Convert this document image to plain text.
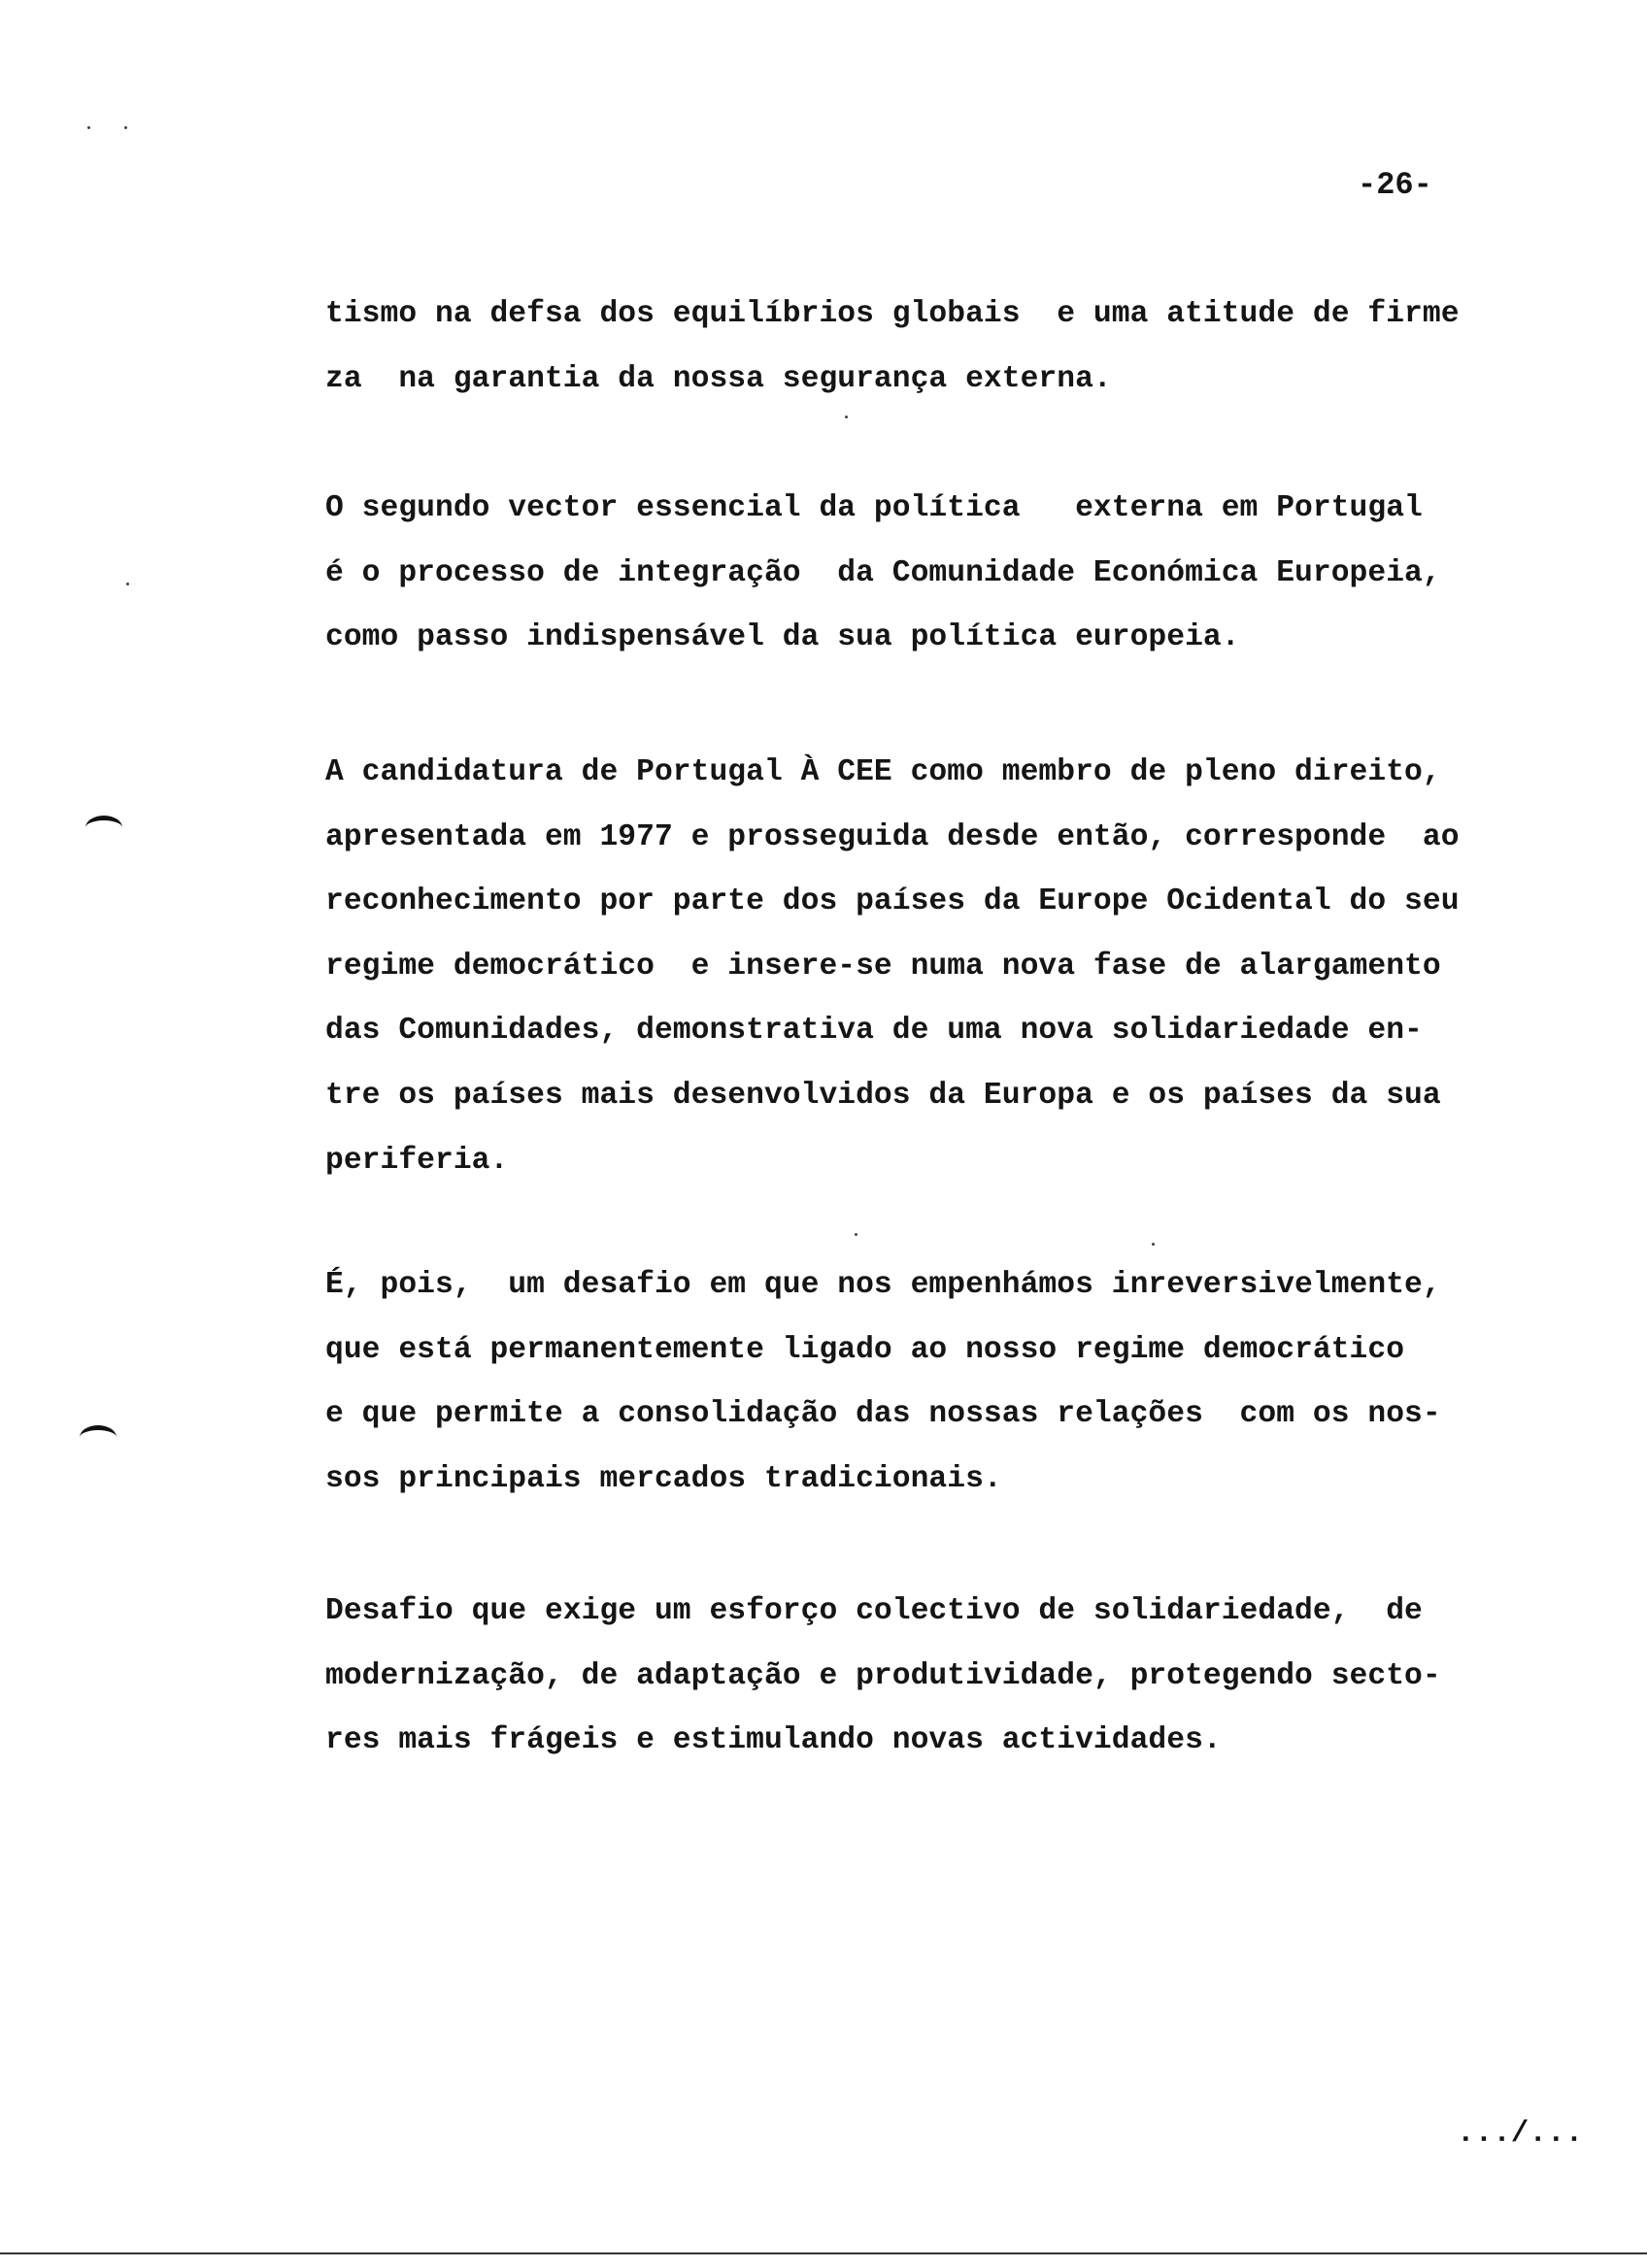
-26-
tismo na defsa dos equilíbrios globais  e uma atitude de firme
za  na garantia da nossa segurança externa.
O segundo vector essencial da política   externa em Portugal
é o processo de integração  da Comunidade Económica Europeia,
como passo indispensável da sua política europeia.
A candidatura de Portugal À CEE como membro de pleno direito,
apresentada em 1977 e prosseguida desde então, corresponde  ao
reconhecimento por parte dos países da Europe Ocidental do seu
regime democrático  e insere-se numa nova fase de alargamento
das Comunidades, demonstrativa de uma nova solidariedade en-
tre os países mais desenvolvidos da Europa e os países da sua
periferia.
É, pois,  um desafio em que nos empenhámos inreversivelmente,
que está permanentemente ligado ao nosso regime democrático
e que permite a consolidação das nossas relações  com os nos-
sos principais mercados tradicionais.
Desafio que exige um esforço colectivo de solidariedade,  de
modernização, de adaptação e produtividade, protegendo secto-
res mais frágeis e estimulando novas actividades.
.../...
